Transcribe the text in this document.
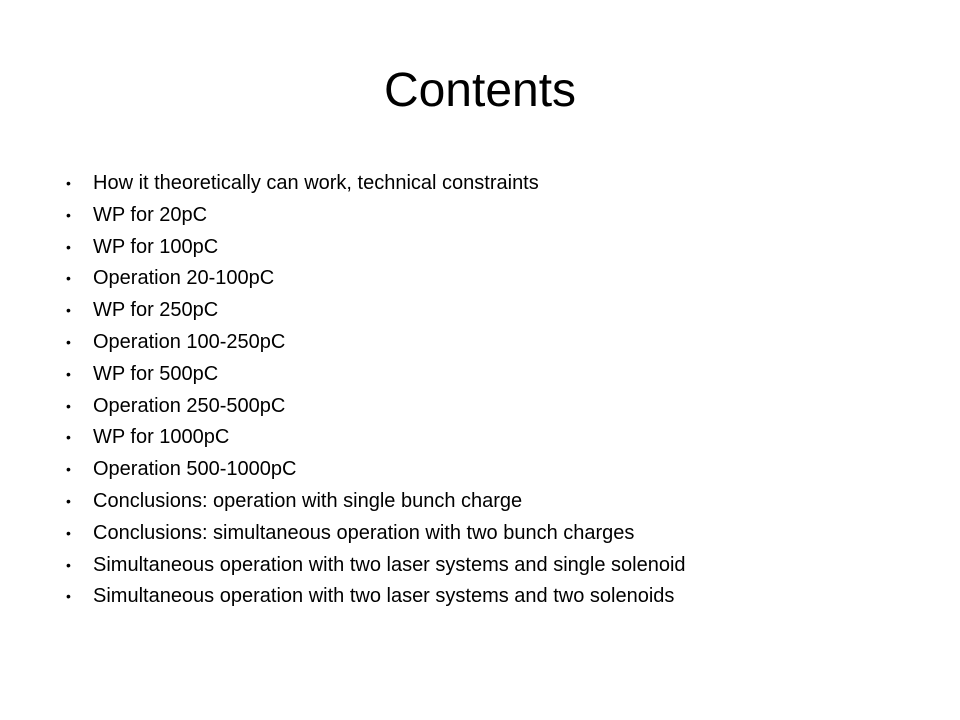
Contents
•	How it theoretically can work, technical constraints
•	WP for 20pC
•	WP for 100pC
•	Operation 20-100pC
•	WP for 250pC
•	Operation 100-250pC
•	WP for 500pC
•	Operation 250-500pC
•	WP for 1000pC
•	Operation 500-1000pC
•	Conclusions: operation with single bunch charge
•	Conclusions: simultaneous operation with two bunch charges
•	Simultaneous operation with two laser systems and single solenoid
•	Simultaneous operation with two laser systems and two solenoids
